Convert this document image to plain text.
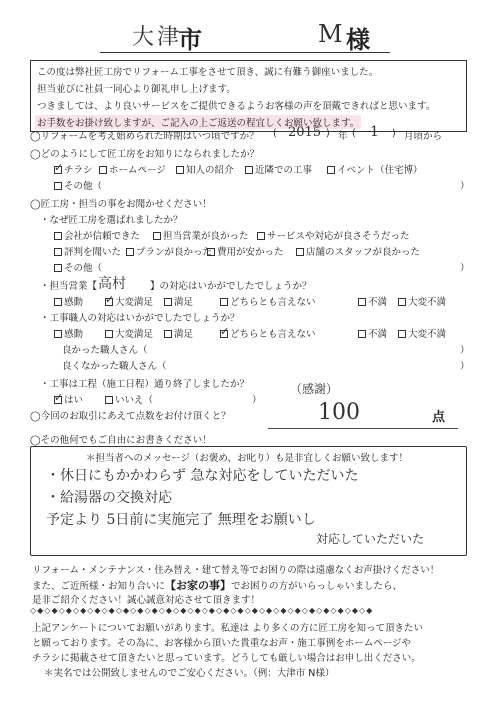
大津
市	M 様
この度は弊社匠工房でリフォーム工事をさせて頂き、誠に有難う御座いました。
担当並びに社員一同心より御礼申し上げます。
つきましては、より良いサービスをご提供できるようお客様の声を頂戴できればと思います。
お手数をお掛け致しますが、ご記入の上ご返送の程宜しくお願い致します。
◯リフォームを考え始められた時期はいつ頃ですか？ ( 2015 ) 年 ( 1 ) 月頃から
◯どのようにして匠工房をお知りになられましたか？
✓チラシ	ホームページ	知人の紹介	近隣での工事	イベント（住宅博）
その他（	）
◯匠工房・担当の事をお聞かせください！
・なぜ匠工房を選ばれましたか？
会社が信頼できた	担当営業が良かった	サービスや対応が良さそうだった
評判を聞いた	プランが良かった 費用が安かった	店舗のスタッフが良かった
その他（	）
・担当営業【 高村	】の対応はいかがでしたでしょうか？
感動 ✓	大変満足	満足	どちらとも言えない	不満	大変不満
・工事職人の対応はいかがでしたでしょうか？
感動	大変満足	満足 ✓	どちらとも言えない	不満	大変不満
良かった職人さん（	）
良くなかった職人さん（	）
・工事は工程（施工日程）通り終了しましたか？
✓はい	いいえ（	）
◯今回のお取引にあえて点数をお付け頂くと？
（感謝）
100	点
◯その他何でもご自由にお書きください！
＊担当者へのメッセージ（お褒め、お叱り）も是非宜しくお願い致します！
・休日にもかかわらず 急な対応をしていただいた
・給湯器の交換対応
予定より 5日前に実施完了 無理をお願いし
対応していただいた
リフォーム・メンテナンス・住み替え・建て替え等でお困りの際は遠慮なくお声掛けください！
また、ご近所様・お知り合いに【お家の事】でお困りの方がいらっしゃいましたら、
是非ご紹介ください！誠心誠意対応させて頂きます！
◇◆◇◆◇◆◇◆◇◆◇◆◇◆◇◆◇◆◇◆◇◆◇◆◇◆◇◆◇◆◇◆◇◆◇◆◇◆◇◆◇◆◇◆◇◆◇◆
上記アンケートについてお願いがあります。私達は より多くの方に匠工房を知って頂きたい
と願っております。その為に、お客様から頂いた貴重なお声・施工事例をホームページや
チラシに掲載させて頂きたいと思っています。どうしても厳しい場合はお申し出ください。
＊実名では公開致しませんのでご安心ください。（例：大津市 N様）
